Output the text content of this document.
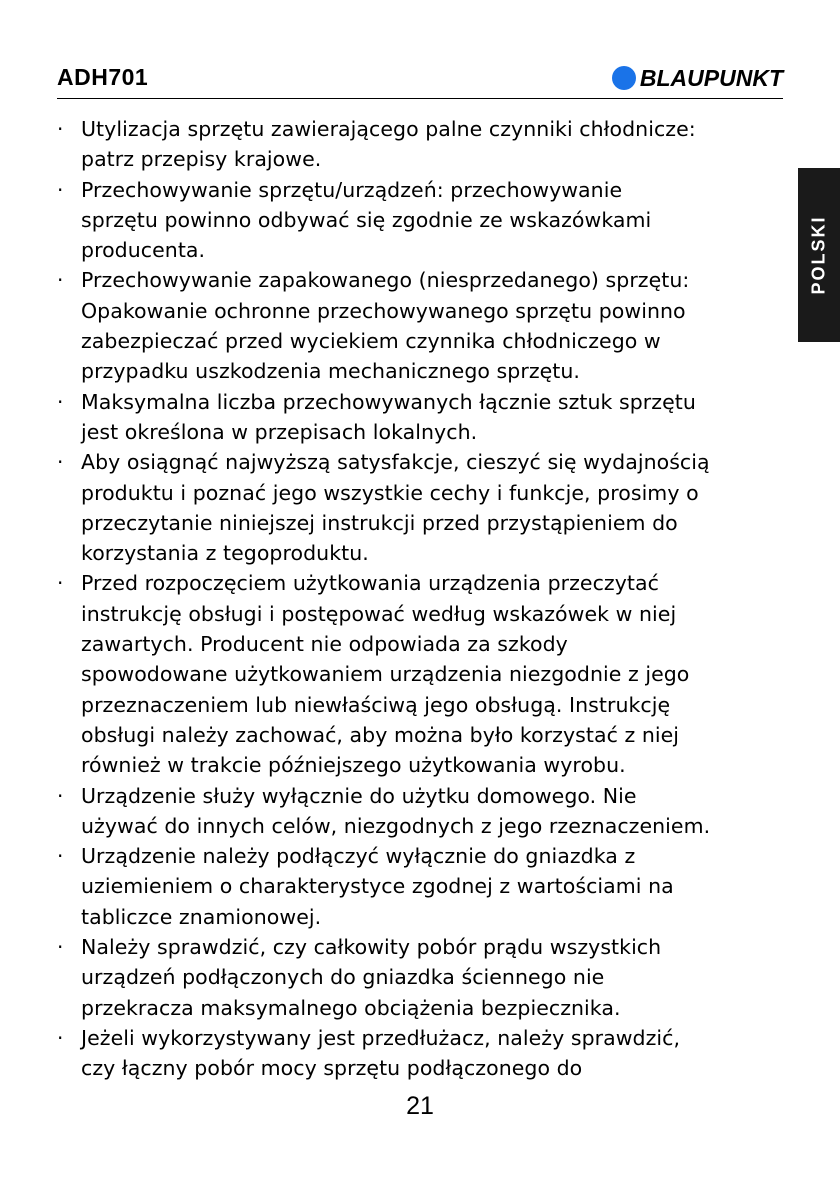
ADH701	BLAUPUNKT
POLSKI
· Utylizacja sprzętu zawierającego palne czynniki chłodnicze:
patrz przepisy krajowe.
· Przechowywanie sprzętu/urządzeń: przechowywanie
sprzętu powinno odbywać się zgodnie ze wskazówkami
producenta.
· Przechowywanie zapakowanego (niesprzedanego) sprzętu:
Opakowanie ochronne przechowywanego sprzętu powinno
zabezpieczać przed wyciekiem czynnika chłodniczego w
przypadku uszkodzenia mechanicznego sprzętu.
· Maksymalna liczba przechowywanych łącznie sztuk sprzętu
jest określona w przepisach lokalnych.
· Aby osiągnąć najwyższą satysfakcje, cieszyć się wydajnością
produktu i poznać jego wszystkie cechy i funkcje, prosimy o
przeczytanie niniejszej instrukcji przed przystąpieniem do
korzystania z tegoproduktu.
· Przed rozpoczęciem użytkowania urządzenia przeczytać
instrukcję obsługi i postępować według wskazówek w niej
zawartych. Producent nie odpowiada za szkody
spowodowane użytkowaniem urządzenia niezgodnie z jego
przeznaczeniem lub niewłaściwą jego obsługą. Instrukcję
obsługi należy zachować, aby można było korzystać z niej
również w trakcie późniejszego użytkowania wyrobu.
· Urządzenie służy wyłącznie do użytku domowego. Nie
używać do innych celów, niezgodnych z jego rzeznaczeniem.
· Urządzenie należy podłączyć wyłącznie do gniazdka z
uziemieniem o charakterystyce zgodnej z wartościami na
tabliczce znamionowej.
· Należy sprawdzić, czy całkowity pobór prądu wszystkich
urządzeń podłączonych do gniazdka ściennego nie
przekracza maksymalnego obciążenia bezpiecznika.
· Jeżeli wykorzystywany jest przedłużacz, należy sprawdzić,
czy łączny pobór mocy sprzętu podłączonego do
21
